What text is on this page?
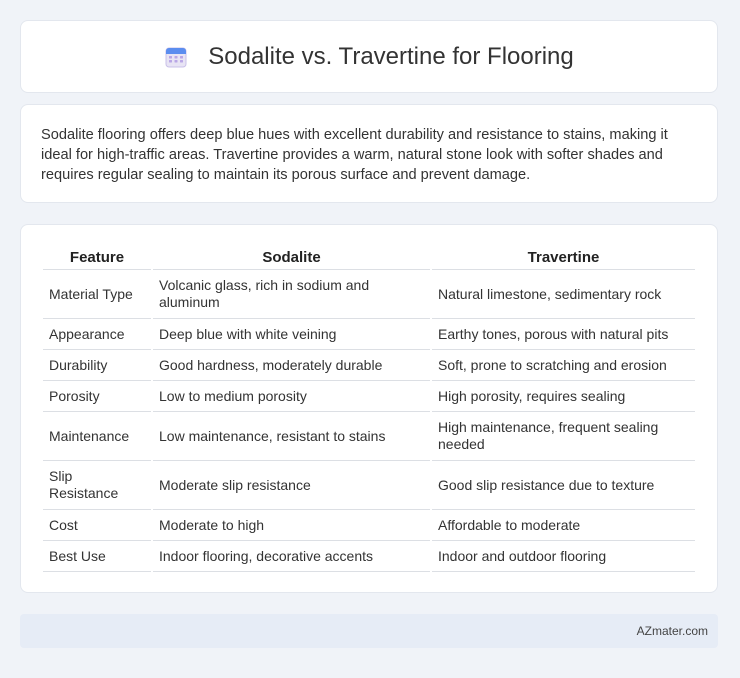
Sodalite vs. Travertine for Flooring
Sodalite flooring offers deep blue hues with excellent durability and resistance to stains, making it ideal for high-traffic areas. Travertine provides a warm, natural stone look with softer shades and requires regular sealing to maintain its porous surface and prevent damage.
Feature	Sodalite	Travertine
Material Type	Volcanic glass, rich in sodium and aluminum	Natural limestone, sedimentary rock
Appearance	Deep blue with white veining	Earthy tones, porous with natural pits
Durability	Good hardness, moderately durable	Soft, prone to scratching and erosion
Porosity	Low to medium porosity	High porosity, requires sealing
Maintenance	Low maintenance, resistant to stains	High maintenance, frequent sealing needed
Slip Resistance	Moderate slip resistance	Good slip resistance due to texture
Cost	Moderate to high	Affordable to moderate
Best Use	Indoor flooring, decorative accents	Indoor and outdoor flooring
AZmater.com
